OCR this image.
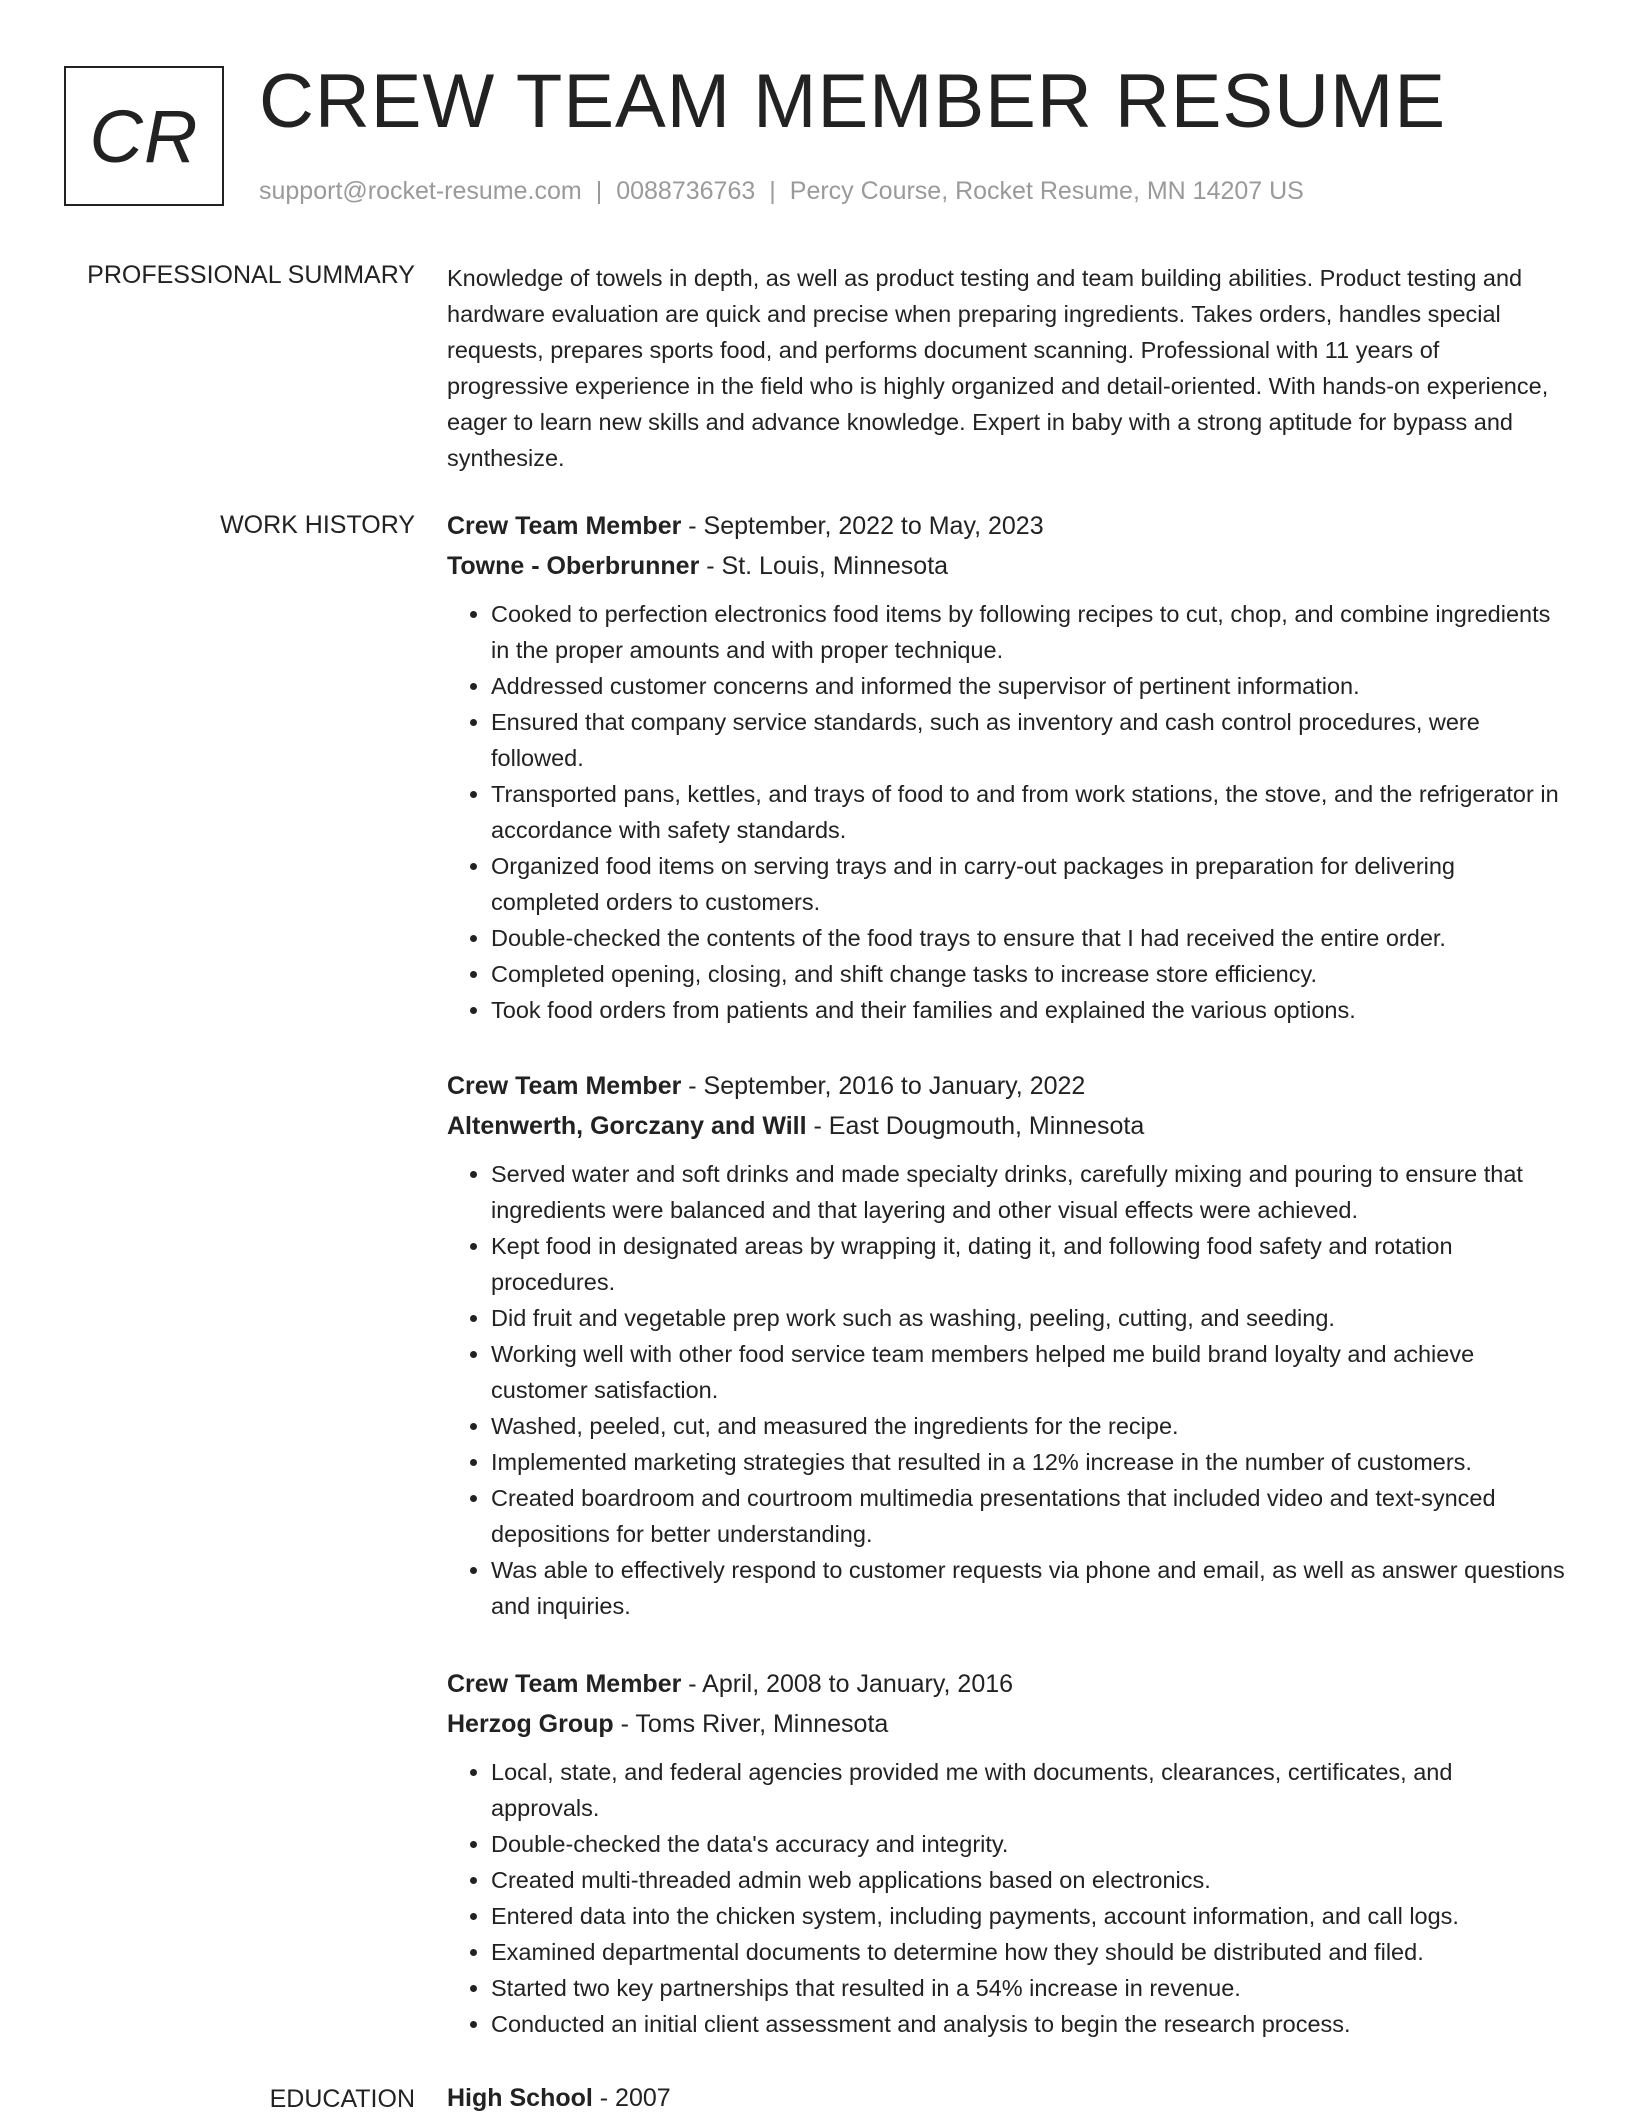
CR CREW TEAM MEMBER RESUME
support@rocket-resume.com | 0088736763 | Percy Course, Rocket Resume, MN 14207 US
PROFESSIONAL SUMMARY Knowledge of towels in depth, as well as product testing and team building abilities. Product testing and hardware evaluation are quick and precise when preparing ingredients. Takes orders, handles special requests, prepares sports food, and performs document scanning. Professional with 11 years of progressive experience in the field who is highly organized and detail-oriented. With hands-on experience, eager to learn new skills and advance knowledge. Expert in baby with a strong aptitude for bypass and synthesize.

WORK HISTORY Crew Team Member - September, 2022 to May, 2023

Towne - Oberbrunner - St. Louis, Minnesota

• Cooked to perfection electronics food items by following recipes to cut, chop, and combine ingredients in the proper amounts and with proper technique.
• Addressed customer concerns and informed the supervisor of pertinent information.
• Ensured that company service standards, such as inventory and cash control procedures, were followed.
• Transported pans, kettles, and trays of food to and from work stations, the stove, and the refrigerator in accordance with safety standards.
• Organized food items on serving trays and in carry-out packages in preparation for delivering completed orders to customers.
• Double-checked the contents of the food trays to ensure that I had received the entire order.
• Completed opening, closing, and shift change tasks to increase store efficiency.
• Took food orders from patients and their families and explained the various options.

Crew Team Member - September, 2016 to January, 2022

Altenwerth, Gorczany and Will - East Dougmouth, Minnesota

• Served water and soft drinks and made specialty drinks, carefully mixing and pouring to ensure that ingredients were balanced and that layering and other visual effects were achieved.
• Kept food in designated areas by wrapping it, dating it, and following food safety and rotation procedures.
• Did fruit and vegetable prep work such as washing, peeling, cutting, and seeding.
• Working well with other food service team members helped me build brand loyalty and achieve customer satisfaction.
• Washed, peeled, cut, and measured the ingredients for the recipe.
• Implemented marketing strategies that resulted in a 12% increase in the number of customers.
• Created boardroom and courtroom multimedia presentations that included video and text-synced depositions for better understanding.
• Was able to effectively respond to customer requests via phone and email, as well as answer questions and inquiries.

Crew Team Member - April, 2008 to January, 2016

Herzog Group - Toms River, Minnesota

• Local, state, and federal agencies provided me with documents, clearances, certificates, and approvals.
• Double-checked the data's accuracy and integrity.
• Created multi-threaded admin web applications based on electronics.
• Entered data into the chicken system, including payments, account information, and call logs.
• Examined departmental documents to determine how they should be distributed and filed.
• Started two key partnerships that resulted in a 54% increase in revenue.
• Conducted an initial client assessment and analysis to begin the research process.
EDUCATION High School - 2007
